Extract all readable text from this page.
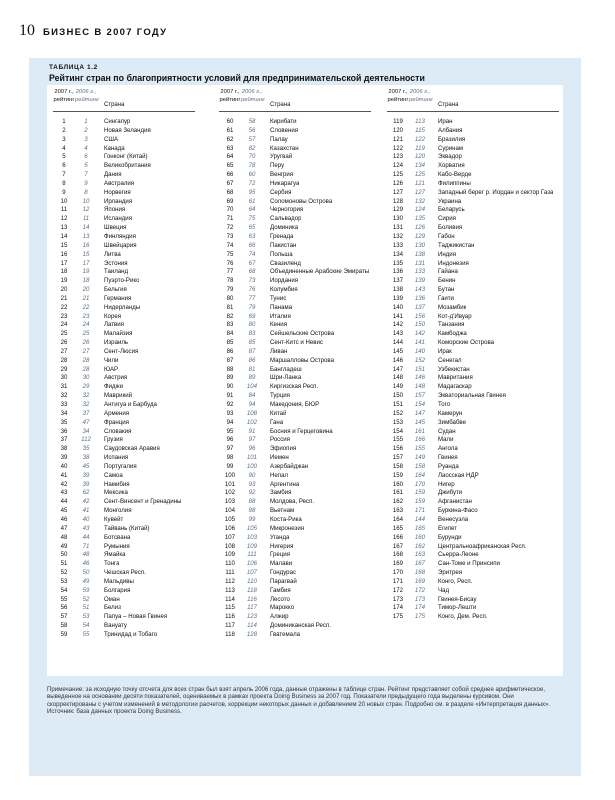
10 БИЗНЕС В 2007 ГОДУ
ТАБЛИЦА 1.2
Рейтинг стран по благоприятности условий для предпринимательской деятельности
2007 г., рейтинг
2006 г., рейтинг
Страна
1	1	Сингапур
2	2	Новая Зеландия
3	3	США
4	4	Канада
5	6	Гонконг (Китай)
6	5	Великобритания
7	7	Дания
8	9	Австралия
9	8	Норвегия
10	10	Ирландия
11	12	Япония
12	11	Исландия
13	14	Швеция
14	13	Финляндия
15	16	Швейцария
16	15	Литва
17	17	Эстония
18	19	Таиланд
19	18	Пуэрто-Рико
20	20	Бельгия
21	21	Германия
22	22	Нидерланды
23	23	Корея
24	24	Латвия
25	25	Малайзия
26	26	Израиль
27	27	Сент-Люсия
28	28	Чили
29	28	ЮАР
30	30	Австрия
31	29	Фиджи
32	32	Маврикий
33	32	Антигуа и Барбуда
34	37	Армения
35	47	Франция
36	34	Словакия
37	112	Грузия
38	35	Саудовская Аравия
39	38	Испания
40	45	Португалия
41	39	Самоа
42	39	Намибия
43	62	Мексика
44	42	Сент-Винсент и Гренадины
45	41	Монголия
46	40	Кувейт
47	43	Тайвань (Китай)
48	44	Ботсвана
49	71	Румыния
50	48	Ямайка
51	46	Тонга
52	50	Чешская Респ.
53	49	Мальдивы
54	59	Болгария
55	52	Оман
56	51	Белиз
57	53	Папуа – Новая Гвинея
58	54	Вануату
59	55	Тринидад и Тобаго
2007 г., рейтинг
2006 г., рейтинг
Страна
60	58	Кирибати
61	56	Словения
62	57	Палау
63	82	Казахстан
64	70	Уругвай
65	78	Перу
66	60	Венгрия
67	72	Никарагуа
68	95	Сербия
69	61	Соломоновы Острова
70	64	Черногория
71	75	Сальвадор
72	65	Доминика
73	63	Гренада
74	66	Пакистан
75	74	Польша
76	67	Свазиленд
77	68	Объединенные Арабские Эмираты
78	73	Иордания
79	76	Колумбия
80	77	Тунис
81	79	Панама
82	69	Италия
83	80	Кения
84	83	Сейшельские Острова
85	85	Сент-Китс и Невис
86	87	Ливан
87	86	Маршалловы Острова
88	81	Бангладеш
89	89	Шри-Ланка
90	104	Киргизская Респ.
91	84	Турция
92	94	Македония, БЮР
93	108	Китай
94	102	Гана
95	91	Босния и Герцеговина
96	97	Россия
97	96	Эфиопия
98	101	Йемен
99	100	Азербайджан
100	90	Непал
101	93	Аргентина
102	92	Замбия
103	88	Молдова, Респ.
104	98	Вьетнам
105	99	Коста-Рика
106	105	Микронезия
107	103	Уганда
108	109	Нигерия
109	111	Греция
110	106	Малави
111	107	Гондурас
112	110	Парагвай
113	118	Гамбия
114	116	Лесото
115	117	Марокко
116	123	Алжир
117	114	Доминиканская Респ.
118	128	Гватемала
2007 г., рейтинг
2006 г., рейтинг
Страна
119	113	Иран
120	115	Албания
121	122	Бразилия
122	119	Суринам
123	120	Эквадор
124	134	Хорватия
125	125	Кабо-Верде
126	121	Филиппины
127	127	Западный берег р. Иордан и сектор Газа
128	132	Украина
129	124	Беларусь
130	135	Сирия
131	126	Боливия
132	129	Габон
133	130	Таджикистан
134	138	Индия
135	131	Индонезия
136	133	Гайана
137	139	Бенин
138	143	Бутан
139	136	Гаити
140	137	Мозамбик
141	156	Кот-д'Ивуар
142	150	Танзания
143	142	Камбоджа
144	141	Коморские Острова
145	140	Ирак
146	152	Сенегал
147	151	Узбекистан
148	146	Мавритания
149	148	Мадагаскар
150	157	Экваториальная Гвинея
151	154	Того
152	147	Камерун
153	145	Зимбабве
154	161	Судан
155	166	Мали
156	155	Ангола
157	149	Гвинея
158	158	Руанда
159	164	Лаосская НДР
160	170	Нигер
161	159	Джибути
162	159	Афганистан
163	171	Буркина-Фасо
164	144	Венесуэла
165	165	Египет
166	160	Бурунди
167	162	Центральноафриканская Респ.
168	163	Сьерра-Леоне
169	167	Сан-Томе и Принсипи
170	168	Эритрея
171	169	Конго, Респ.
172	172	Чад
173	173	Гвинея-Бисау
174	174	Тимор-Лешти
175	175	Конго, Дем. Респ.
Примечание: за исходную точку отсчета для всех стран был взят апрель 2006 года, данные отражены в таблице стран. Рейтинг представляет собой среднее арифметическое, выведенное на основании десяти показателей, оцениваемых в рамках проекта Doing Business за 2007 год. Показатели предыдущего года выделены курсивом. Они скорректированы с учетом изменений в методологии расчетов, коррекции некоторых данных и добавлением 20 новых стран. Подробно см. в разделе «Интерпретация данных».
Источник: база данных проекта Doing Business.
